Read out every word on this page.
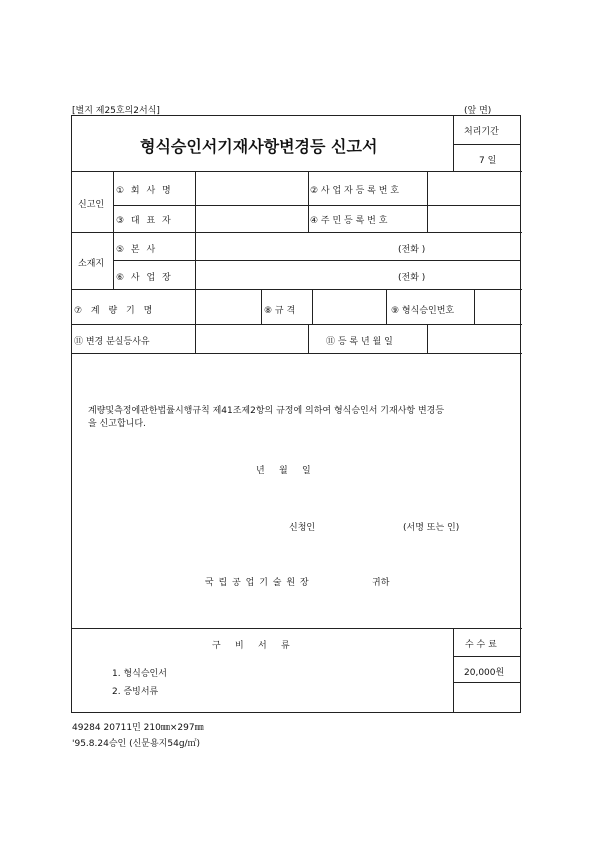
[별지 제25호의2서식]	(앞 면)
형식승인서기재사항변경등 신고서
처리기간
7 일
신고인
① 회 사 명	② 사 업 자 등 록 번 호
③ 대 표 자	④ 주 민 등 록 번 호
소재지
⑤ 본 사	(전화 )
⑥ 사 업 장	(전화 )
⑦ 계 량 기 명	⑧ 규 격	⑨ 형식승인번호
⑪ 변경 분실등사유	⑪ 등 록 년 월 일
계량및측정에관한법률시행규칙 제41조제2항의 규정에 의하여 형식승인서 기재사항 변경등
을 신고합니다.
년     월     일
신청인	(서명 또는 인)
국 립 공 업 기 술 원 장	귀하
구     비     서     류
1. 형식승인서
2. 증빙서류
수 수 료
20,000원
49284 20711민 210㎜×297㎜
'95.8.24승인 (신문용지54g/㎡)
